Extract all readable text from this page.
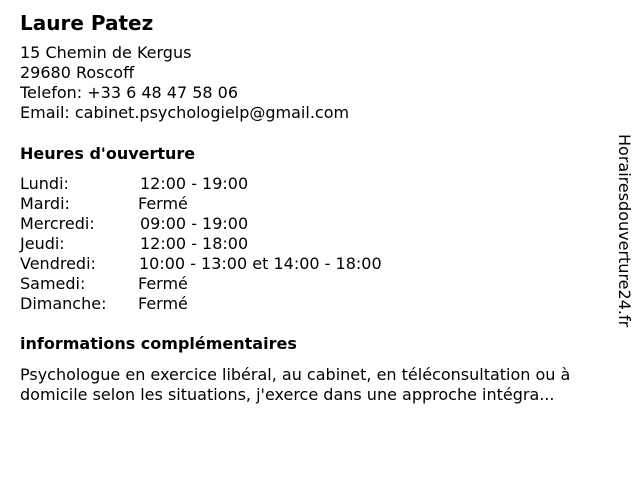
Laure Patez
15 Chemin de Kergus
29680 Roscoff
Telefon: +33 6 48 47 58 06
Email: cabinet.psychologielp@gmail.com
Heures d'ouverture
Lundi:	12:00 - 19:00
Mardi:	Fermé
Mercredi:	09:00 - 19:00
Jeudi:	12:00 - 18:00
Vendredi:	10:00 - 13:00 et 14:00 - 18:00
Samedi:	Fermé
Dimanche: Fermé
informations complémentaires
Psychologue en exercice libéral, au cabinet, en téléconsultation ou à
domicile selon les situations, j'exerce dans une approche intégra...
Horairesdouverture24.fr
